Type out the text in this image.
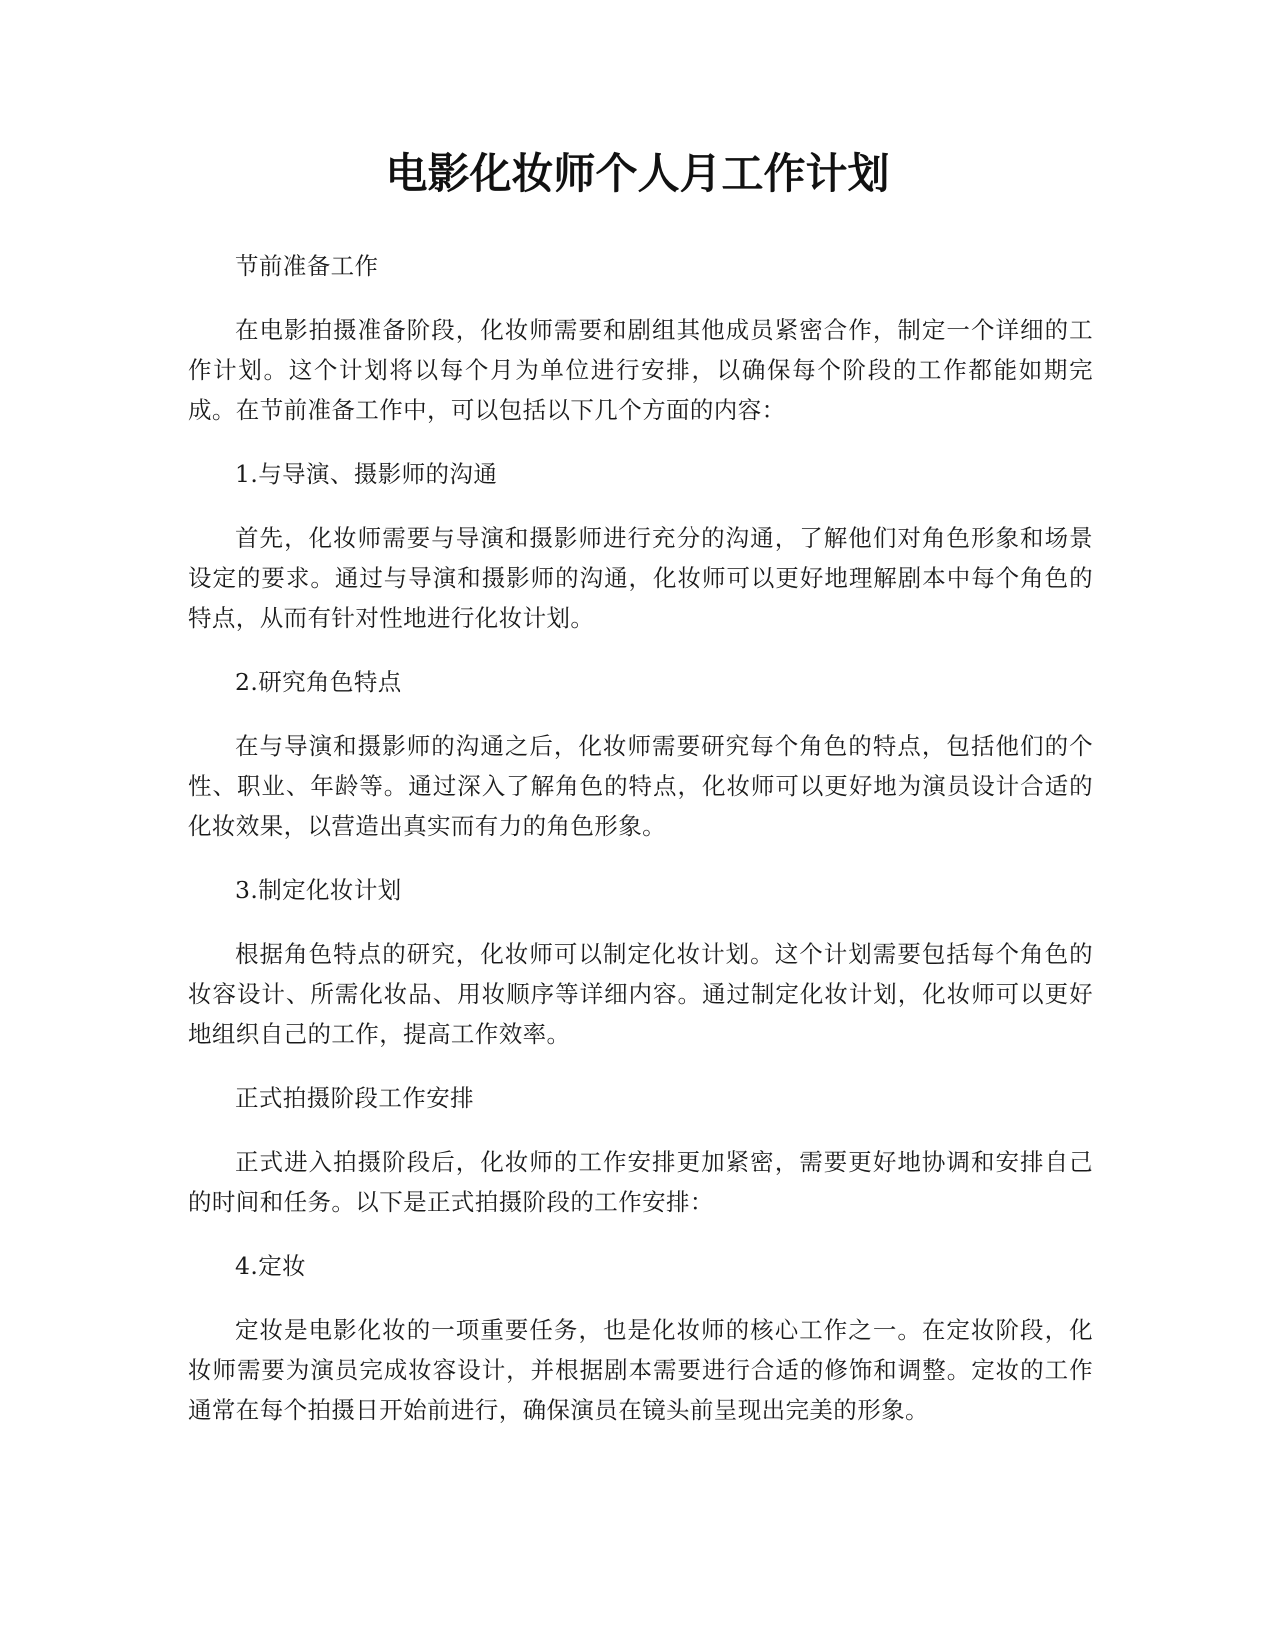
电影化妆师个人月工作计划

节前准备工作

在电影拍摄准备阶段，化妆师需要和剧组其他成员紧密合作，制定一个详细的工作计划。这个计划将以每个月为单位进行安排，以确保每个阶段的工作都能如期完成。在节前准备工作中，可以包括以下几个方面的内容：

1.与导演、摄影师的沟通

首先，化妆师需要与导演和摄影师进行充分的沟通，了解他们对角色形象和场景设定的要求。通过与导演和摄影师的沟通，化妆师可以更好地理解剧本中每个角色的特点，从而有针对性地进行化妆计划。

2.研究角色特点

在与导演和摄影师的沟通之后，化妆师需要研究每个角色的特点，包括他们的个性、职业、年龄等。通过深入了解角色的特点，化妆师可以更好地为演员设计合适的化妆效果，以营造出真实而有力的角色形象。

3.制定化妆计划

根据角色特点的研究，化妆师可以制定化妆计划。这个计划需要包括每个角色的妆容设计、所需化妆品、用妆顺序等详细内容。通过制定化妆计划，化妆师可以更好地组织自己的工作，提高工作效率。

正式拍摄阶段工作安排

正式进入拍摄阶段后，化妆师的工作安排更加紧密，需要更好地协调和安排自己的时间和任务。以下是正式拍摄阶段的工作安排：

4.定妆

定妆是电影化妆的一项重要任务，也是化妆师的核心工作之一。在定妆阶段，化妆师需要为演员完成妆容设计，并根据剧本需要进行合适的修饰和调整。定妆的工作通常在每个拍摄日开始前进行，确保演员在镜头前呈现出完美的形象。
